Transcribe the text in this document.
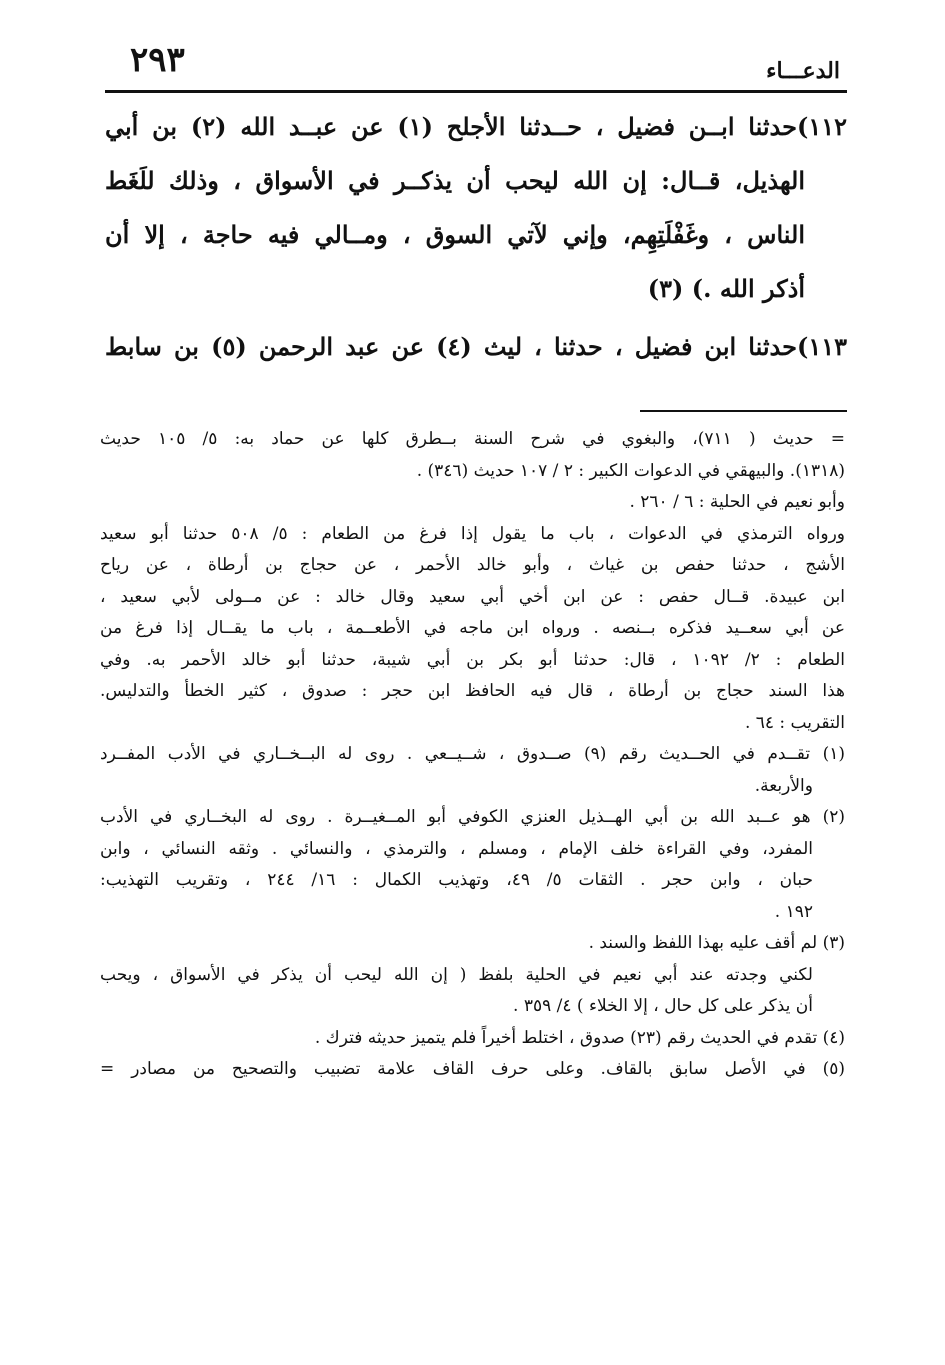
٢٩٣	الدعـــاء
١١٢)حدثنا ابــن فضيل ، حــدثنا الأجلح (١) عن عبــد الله (٢) بن أبي
الهذيل، قــال: إن الله ليحب أن يذكــر في الأسواق ، وذلك للَغَط
الناس ، وغَفْلَتِهِم، وإني لآتي السوق ، ومــالي فيه حاجة ، إلا أن
أذكر الله .) (٣)
١١٣)حدثنا ابن فضيل ، حدثنا ، ليث (٤) عن عبد الرحمن (٥) بن سابط
= حديث ( ٧١١)، والبغوي في شرح السنة بــطرق كلها عن حماد به: ٥/ ١٠٥ حديث
(١٣١٨). والبيهقي في الدعوات الكبير : ٢ / ١٠٧ حديث (٣٤٦) .
وأبو نعيم في الحلية : ٦ / ٢٦٠ .
ورواه الترمذي في الدعوات ، باب ما يقول إذا فرغ من الطعام : ٥/ ٥٠٨ حدثنا أبو سعيد
الأشج ، حدثنا حفص بن غياث ، وأبو خالد الأحمر ، عن حجاج بن أرطاة ، عن رياح
ابن عبيدة. قــال حفص : عن ابن أخي أبي سعيد وقال خالد : عن مــولى لأبي سعيد ،
عن أبي سعــيد فذكره بــنصه . ورواه ابن ماجه في الأطعــمة ، باب ما يقــال إذا فرغ من
الطعام : ٢/ ١٠٩٢ ، قال: حدثنا أبو بكر بن أبي شيبة، حدثنا أبو خالد الأحمر به. وفي
هذا السند حجاج بن أرطاة ، قال فيه الحافظ ابن حجر : صدوق ، كثير الخطأ والتدليس.
التقريب : ٦٤ .
(١) تقــدم في الحــديث رقم (٩) صــدوق ، شــيــعي . روى له البــخــاري في الأدب المفــرد
والأربعة.
(٢) هو عــبد الله بن أبي الهــذيل العنزي الكوفي أبو المــغيــرة . روى له البخــاري في الأدب
المفرد، وفي القراءة خلف الإمام ، ومسلم ، والترمذي ، والنسائي . وثقه النسائي ، وابن
حبان ، وابن حجر . الثقات ٥/ ٤٩، وتهذيب الكمال : ١٦/ ٢٤٤ ، وتقريب التهذيب:
١٩٢ .
(٣) لم أقف عليه بهذا اللفظ والسند .
لكني وجدته عند أبي نعيم في الحلية بلفظ ( إن الله ليحب أن يذكر في الأسواق ، ويحب
أن يذكر على كل حال ، إلا الخلاء ) ٤/ ٣٥٩ .
(٤) تقدم في الحديث رقم (٢٣) صدوق ، اختلط أخيراً فلم يتميز حديثه فترك .
(٥) في الأصل سابق بالقاف. وعلى حرف القاف علامة تضبيب والتصحيح من مصادر =
